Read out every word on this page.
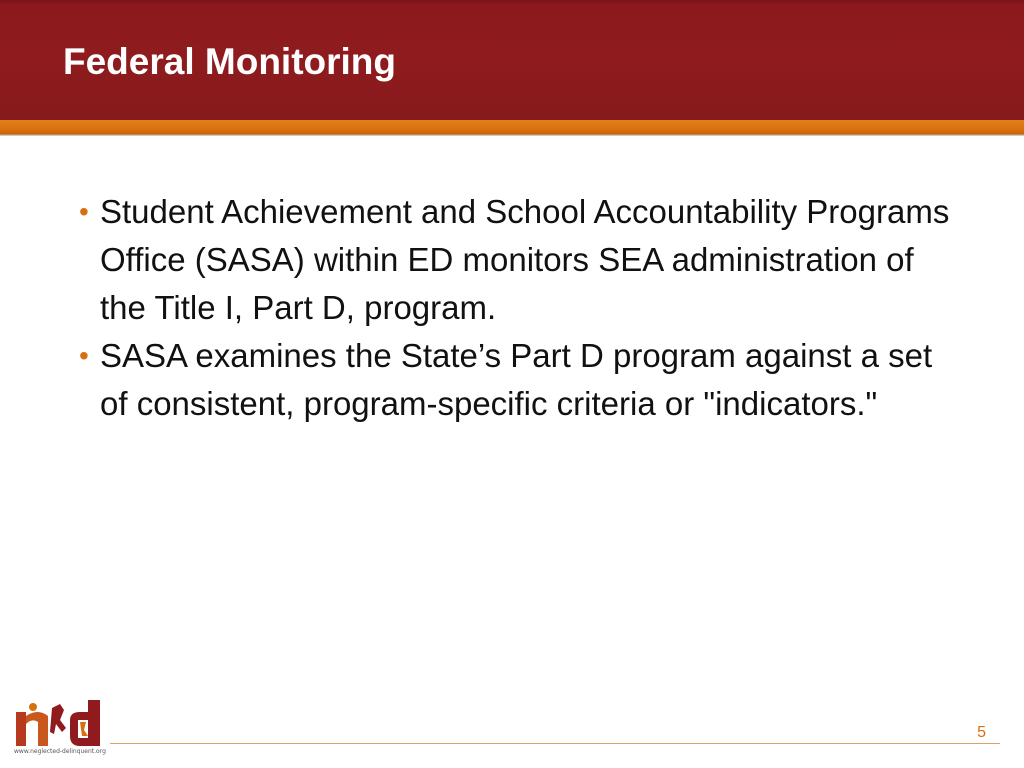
Federal Monitoring
• Student Achievement and School Accountability Programs Office (SASA) within ED monitors SEA administration of the Title I, Part D, program.
• SASA examines the State’s Part D program against a set of consistent, program-specific criteria or "indicators."
www.neglected-delinquent.org
5
